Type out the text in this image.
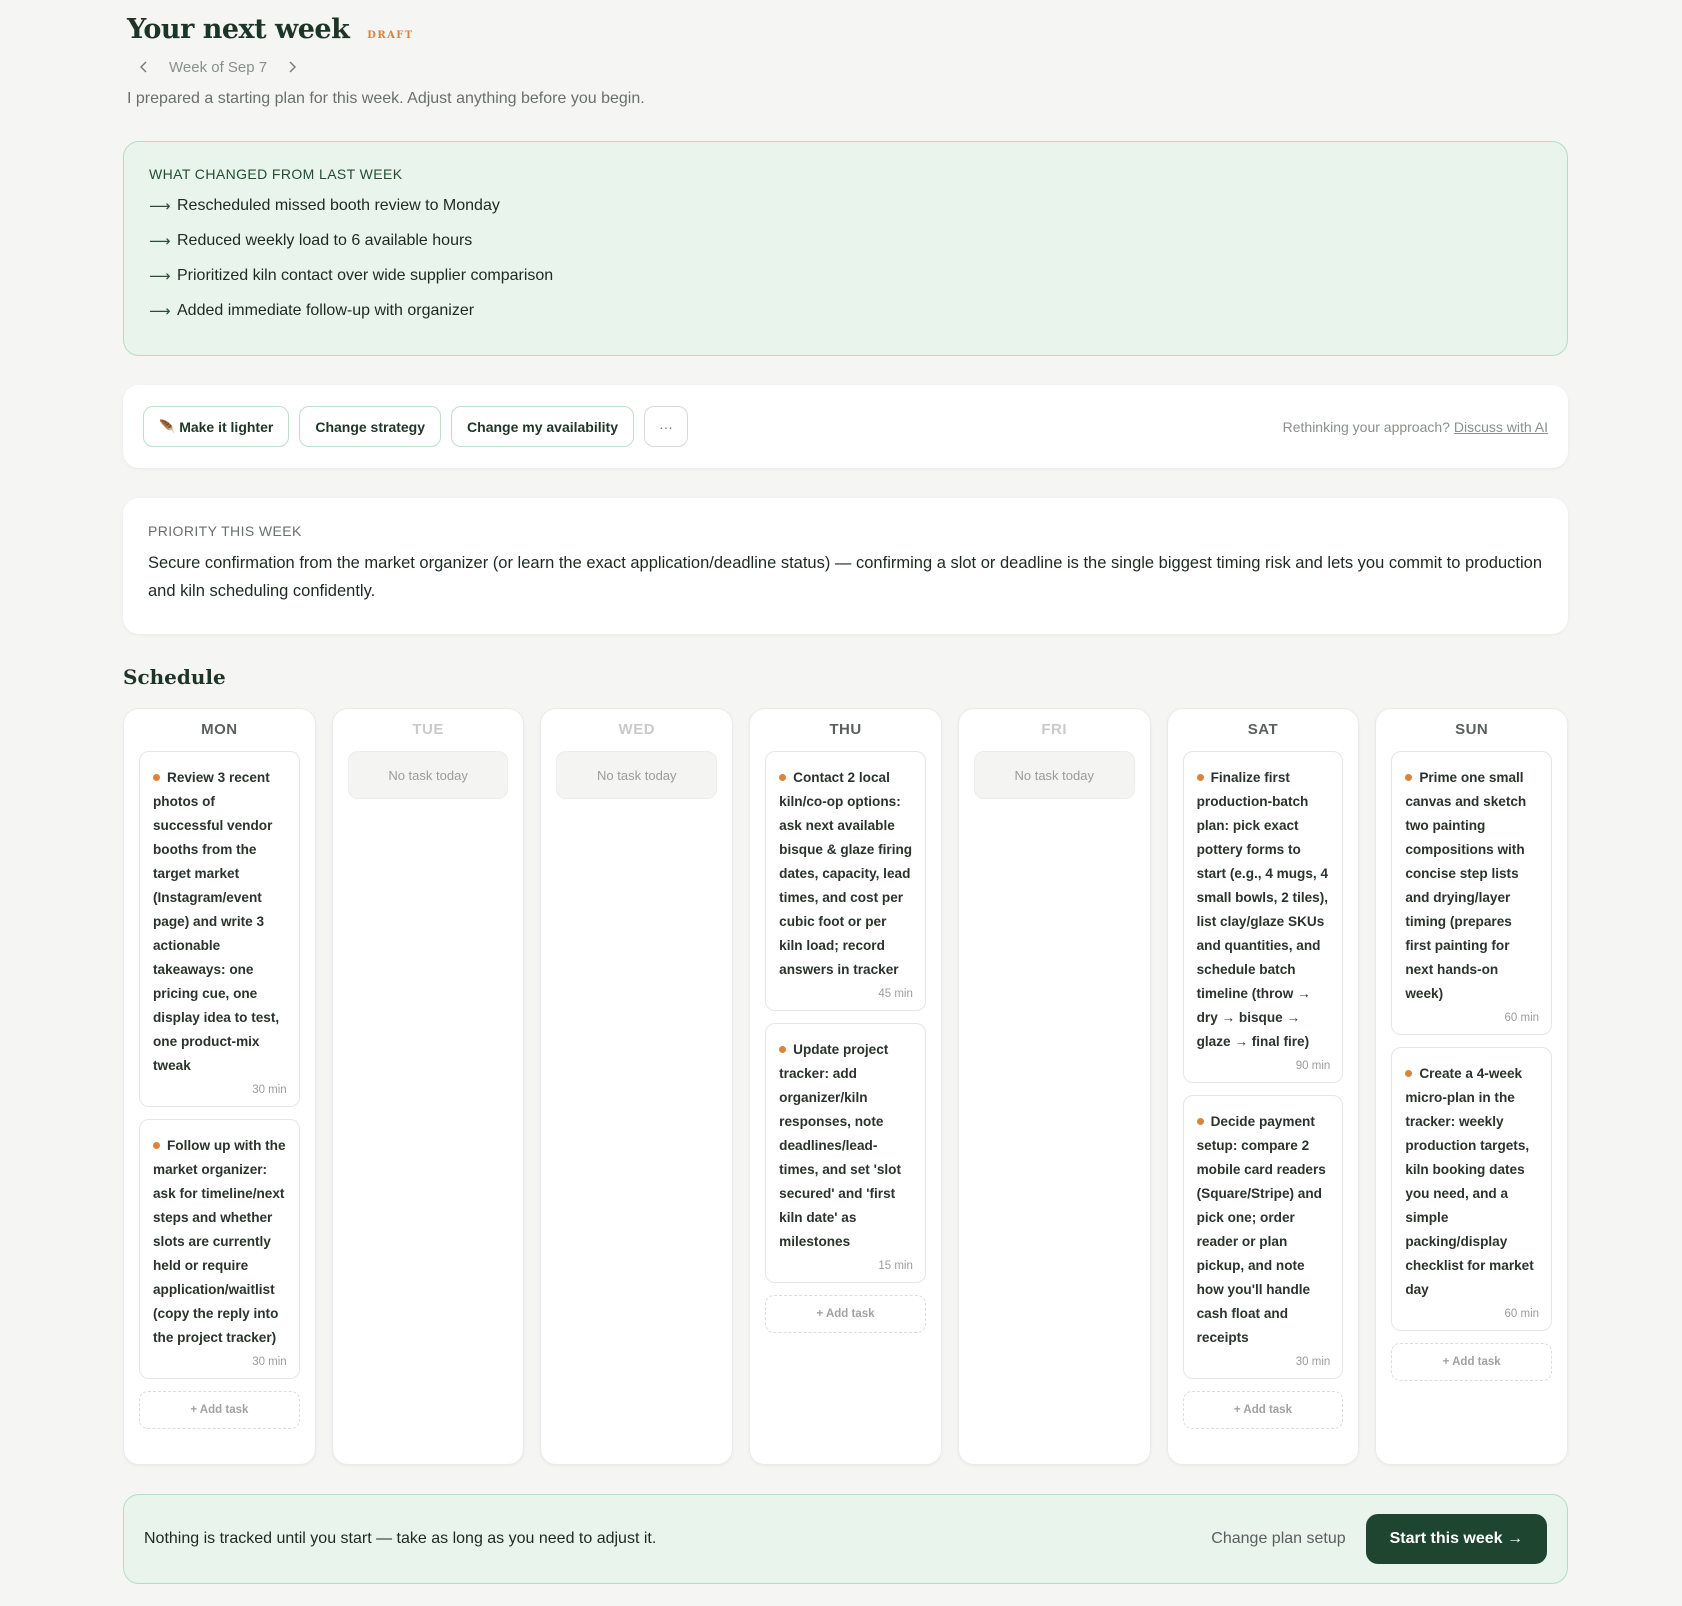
Your next week DRAFT
Week of Sep 7

I prepared a starting plan for this week. Adjust anything before you begin.

WHAT CHANGED FROM LAST WEEK
⟶ Rescheduled missed booth review to Monday
⟶ Reduced weekly load to 6 available hours
⟶ Prioritized kiln contact over wide supplier comparison
⟶ Added immediate follow-up with organizer
🪶 Make it lighter	Change strategy	Change my availability	···	Rethinking your approach? Discuss with AI
PRIORITY THIS WEEK

Secure confirmation from the market organizer (or learn the exact application/deadline status) — confirming a slot or deadline is the single biggest timing risk and lets you commit to production and kiln scheduling confidently.

Schedule
MON
Review 3 recent photos of successful vendor booths from the target market (Instagram/event page) and write 3 actionable takeaways: one pricing cue, one display idea to test, one product-mix tweak
30 min
Follow up with the market organizer: ask for timeline/next steps and whether slots are currently held or require application/waitlist (copy the reply into the project tracker)
30 min
+ Add task
TUE
No task today
WED
No task today
THU
Contact 2 local kiln/co-op options: ask next available bisque & glaze firing dates, capacity, lead times, and cost per cubic foot or per kiln load; record answers in tracker
45 min
Update project tracker: add organizer/kiln responses, note deadlines/lead-times, and set 'slot secured' and 'first kiln date' as milestones
15 min
+ Add task
FRI
No task today
SAT
Finalize first production-batch plan: pick exact pottery forms to start (e.g., 4 mugs, 4 small bowls, 2 tiles), list clay/glaze SKUs and quantities, and schedule batch timeline (throw → dry → bisque → glaze → final fire)
90 min
Decide payment setup: compare 2 mobile card readers (Square/Stripe) and pick one; order reader or plan pickup, and note how you'll handle cash float and receipts
30 min
+ Add task
SUN
Prime one small canvas and sketch two painting compositions with concise step lists and drying/layer timing (prepares first painting for next hands-on week)
60 min
Create a 4-week micro-plan in the tracker: weekly production targets, kiln booking dates you need, and a simple packing/display checklist for market day
60 min
+ Add task
Nothing is tracked until you start — take as long as you need to adjust it.	Change plan setup	Start this week →
